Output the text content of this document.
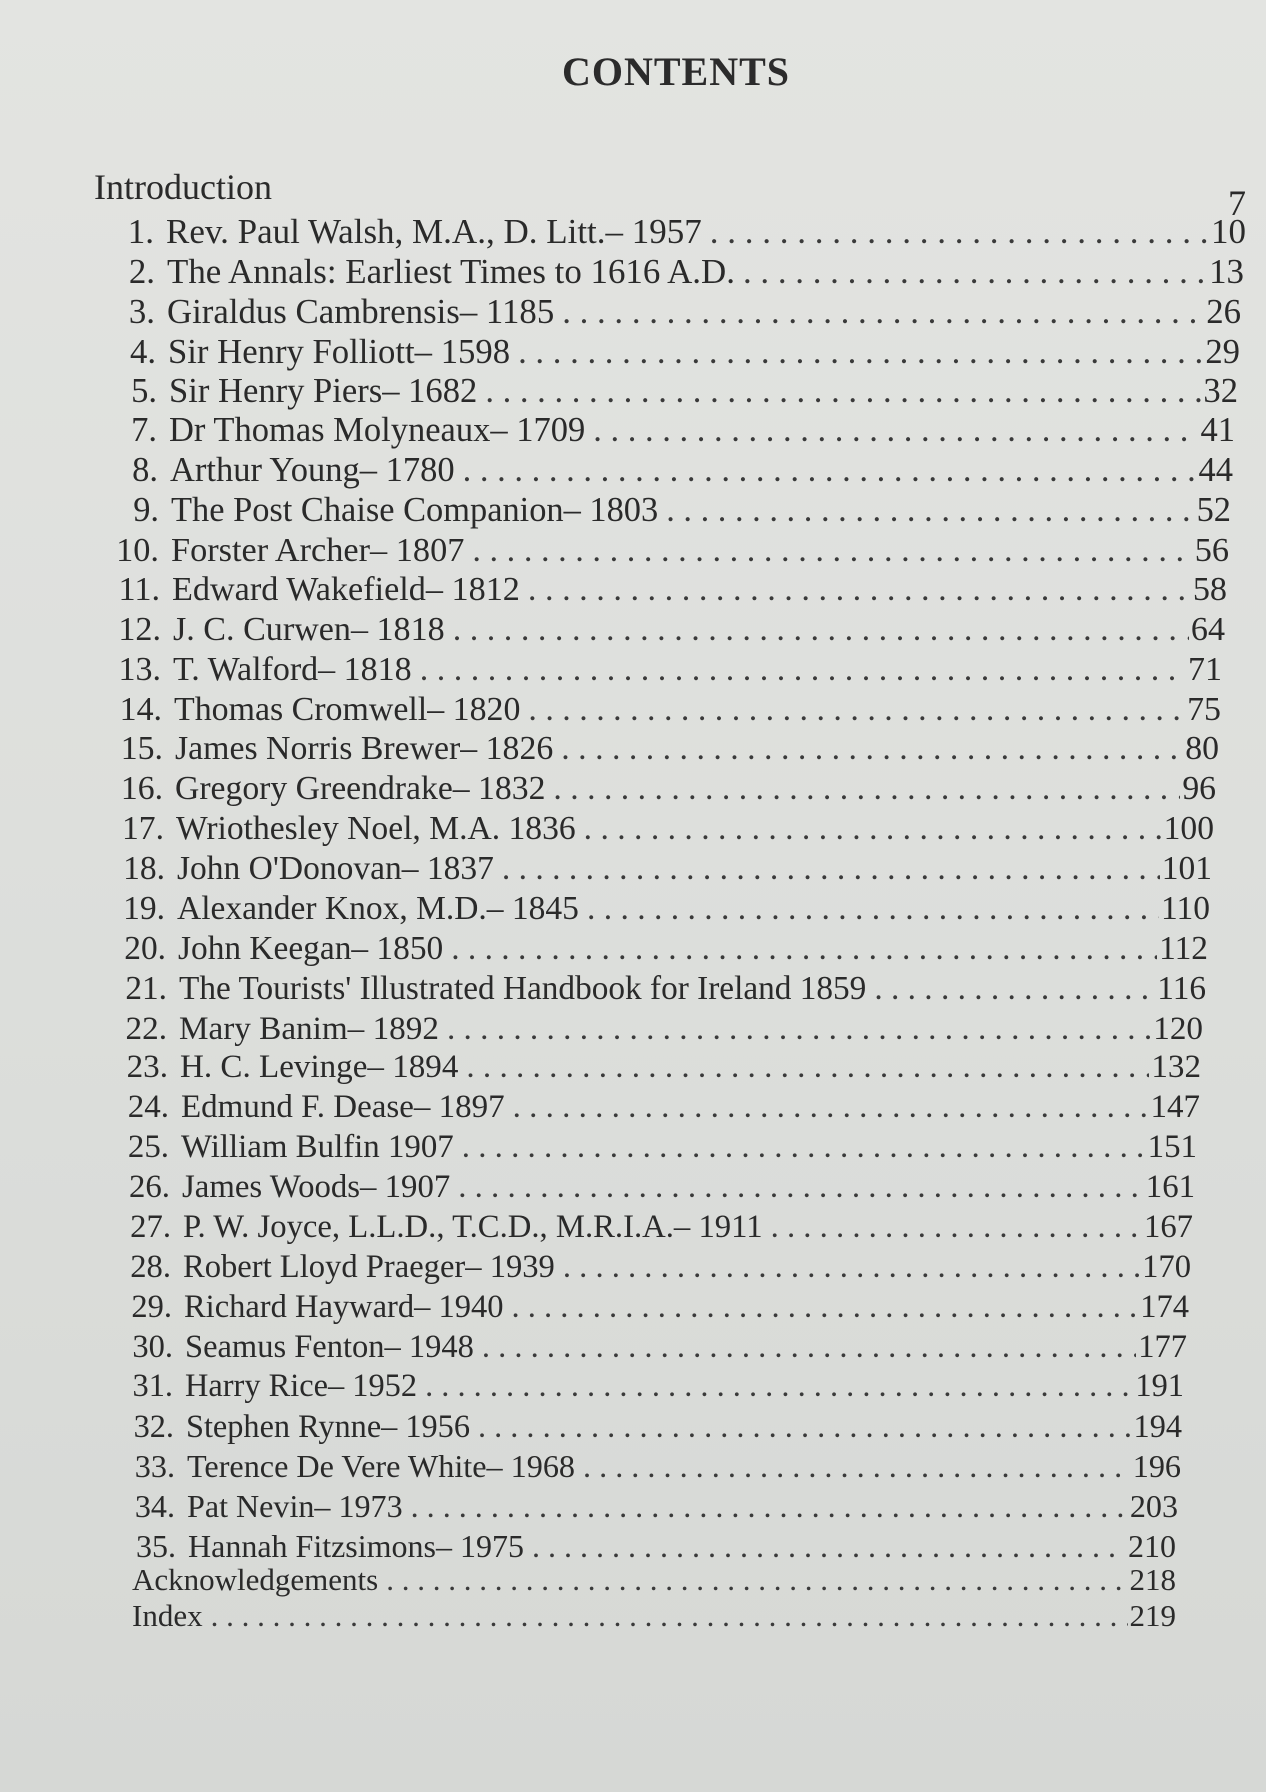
CONTENTS
Introduction	7
1. Rev. Paul Walsh, M.A., D. Litt.– 1957 . . .	10
2. The Annals: Earliest Times to 1616 A.D. . . .	13
3. Giraldus Cambrensis– 1185 . . .	26
4. Sir Henry Folliott– 1598 . . .	29
5. Sir Henry Piers– 1682 . . .	32
7. Dr Thomas Molyneaux– 1709 . . .	41
8. Arthur Young– 1780 . . .	44
9. The Post Chaise Companion– 1803 . . .	52
10. Forster Archer– 1807 . . .	56
11. Edward Wakefield– 1812 . . .	58
12. J. C. Curwen– 1818 . . .	64
13. T. Walford– 1818 . . .	71
14. Thomas Cromwell– 1820 . . .	75
15. James Norris Brewer– 1826 . . .	80
16. Gregory Greendrake– 1832 . . .	96
17. Wriothesley Noel, M.A. 1836 . . .	100
18. John O'Donovan– 1837 . . .	101
19. Alexander Knox, M.D.– 1845 . . .	110
20. John Keegan– 1850 . . .	112
21. The Tourists' Illustrated Handbook for Ireland 1859 . . .	116
22. Mary Banim– 1892 . . .	120
23. H. C. Levinge– 1894 . . .	132
24. Edmund F. Dease– 1897 . . .	147
25. William Bulfin 1907 . . .	151
26. James Woods– 1907 . . .	161
27. P. W. Joyce, L.L.D., T.C.D., M.R.I.A.– 1911 . . .	167
28. Robert Lloyd Praeger– 1939 . . .	170
29. Richard Hayward– 1940 . . .	174
30. Seamus Fenton– 1948 . . .	177
31. Harry Rice– 1952 . . .	191
32. Stephen Rynne– 1956 . . .	194
33. Terence De Vere White– 1968 . . .	196
34. Pat Nevin– 1973 . . .	203
35. Hannah Fitzsimons– 1975 . . .	210
Acknowledgements . . .	218
Index . . .	219
